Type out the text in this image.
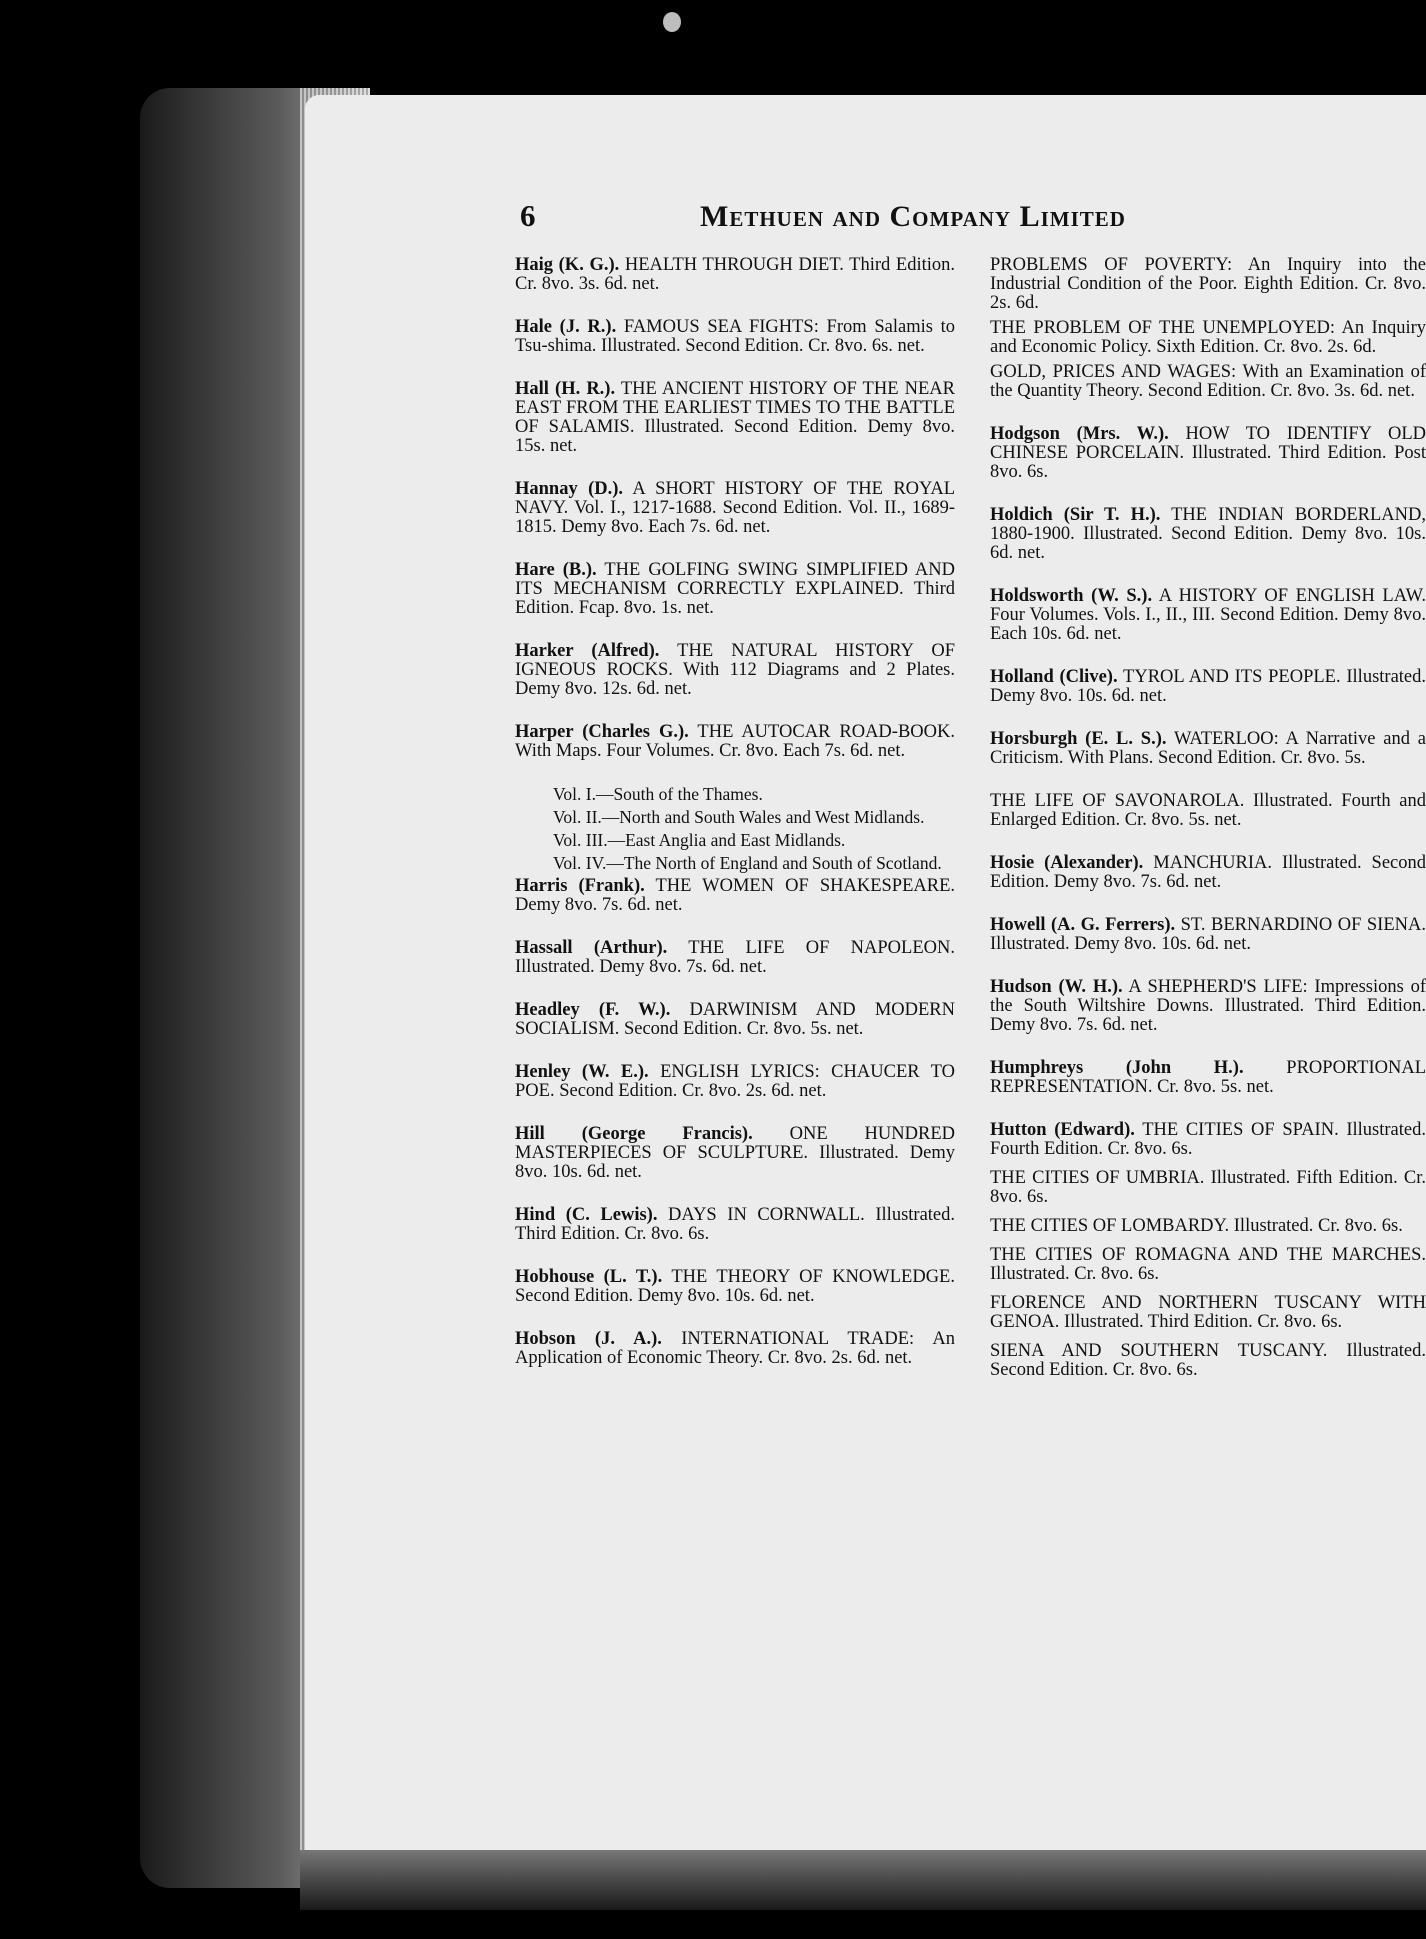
6	Methuen and Company Limited
Haig (K. G.). HEALTH THROUGH DIET. Third Edition. Cr. 8vo. 3s. 6d. net.
Hale (J. R.). FAMOUS SEA FIGHTS: From Salamis to Tsu-shima. Illustrated. Second Edition. Cr. 8vo. 6s. net.
Hall (H. R.). THE ANCIENT HISTORY OF THE NEAR EAST FROM THE EARLIEST TIMES TO THE BATTLE OF SALAMIS. Illustrated. Second Edition. Demy 8vo. 15s. net.
Hannay (D.). A SHORT HISTORY OF THE ROYAL NAVY. Vol. I., 1217-1688. Second Edition. Vol. II., 1689-1815. Demy 8vo. Each 7s. 6d. net.
Hare (B.). THE GOLFING SWING SIMPLIFIED AND ITS MECHANISM CORRECTLY EXPLAINED. Third Edition. Fcap. 8vo. 1s. net.
Harker (Alfred). THE NATURAL HISTORY OF IGNEOUS ROCKS. With 112 Diagrams and 2 Plates. Demy 8vo. 12s. 6d. net.
Harper (Charles G.). THE AUTOCAR ROAD-BOOK. With Maps. Four Volumes. Cr. 8vo. Each 7s. 6d. net.
Vol. I.—South of the Thames.
Vol. II.—North and South Wales and West Midlands.
Vol. III.—East Anglia and East Midlands.
Vol. IV.—The North of England and South of Scotland.
Harris (Frank). THE WOMEN OF SHAKESPEARE. Demy 8vo. 7s. 6d. net.
Hassall (Arthur). THE LIFE OF NAPOLEON. Illustrated. Demy 8vo. 7s. 6d. net.
Headley (F. W.). DARWINISM AND MODERN SOCIALISM. Second Edition. Cr. 8vo. 5s. net.
Henley (W. E.). ENGLISH LYRICS: CHAUCER TO POE. Second Edition. Cr. 8vo. 2s. 6d. net.
Hill (George Francis). ONE HUNDRED MASTERPIECES OF SCULPTURE. Illustrated. Demy 8vo. 10s. 6d. net.
Hind (C. Lewis). DAYS IN CORNWALL. Illustrated. Third Edition. Cr. 8vo. 6s.
Hobhouse (L. T.). THE THEORY OF KNOWLEDGE. Second Edition. Demy 8vo. 10s. 6d. net.
Hobson (J. A.). INTERNATIONAL TRADE: An Application of Economic Theory. Cr. 8vo. 2s. 6d. net.
PROBLEMS OF POVERTY: An Inquiry into the Industrial Condition of the Poor. Eighth Edition. Cr. 8vo. 2s. 6d.
THE PROBLEM OF THE UNEMPLOYED: An Inquiry and Economic Policy. Sixth Edition. Cr. 8vo. 2s. 6d.
GOLD, PRICES AND WAGES: With an Examination of the Quantity Theory. Second Edition. Cr. 8vo. 3s. 6d. net.
Hodgson (Mrs. W.). HOW TO IDENTIFY OLD CHINESE PORCELAIN. Illustrated. Third Edition. Post 8vo. 6s.
Holdich (Sir T. H.). THE INDIAN BORDERLAND, 1880-1900. Illustrated. Second Edition. Demy 8vo. 10s. 6d. net.
Holdsworth (W. S.). A HISTORY OF ENGLISH LAW. Four Volumes. Vols. I., II., III. Second Edition. Demy 8vo. Each 10s. 6d. net.
Holland (Clive). TYROL AND ITS PEOPLE. Illustrated. Demy 8vo. 10s. 6d. net.
Horsburgh (E. L. S.). WATERLOO: A Narrative and a Criticism. With Plans. Second Edition. Cr. 8vo. 5s.
THE LIFE OF SAVONAROLA. Illustrated. Fourth and Enlarged Edition. Cr. 8vo. 5s. net.
Hosie (Alexander). MANCHURIA. Illustrated. Second Edition. Demy 8vo. 7s. 6d. net.
Howell (A. G. Ferrers). ST. BERNARDINO OF SIENA. Illustrated. Demy 8vo. 10s. 6d. net.
Hudson (W. H.). A SHEPHERD'S LIFE: Impressions of the South Wiltshire Downs. Illustrated. Third Edition. Demy 8vo. 7s. 6d. net.
Humphreys (John H.). PROPORTIONAL REPRESENTATION. Cr. 8vo. 5s. net.
Hutton (Edward). THE CITIES OF SPAIN. Illustrated. Fourth Edition. Cr. 8vo. 6s.
THE CITIES OF UMBRIA. Illustrated. Fifth Edition. Cr. 8vo. 6s.
THE CITIES OF LOMBARDY. Illustrated. Cr. 8vo. 6s.
THE CITIES OF ROMAGNA AND THE MARCHES. Illustrated. Cr. 8vo. 6s.
FLORENCE AND NORTHERN TUSCANY WITH GENOA. Illustrated. Third Edition. Cr. 8vo. 6s.
SIENA AND SOUTHERN TUSCANY. Illustrated. Second Edition. Cr. 8vo. 6s.
